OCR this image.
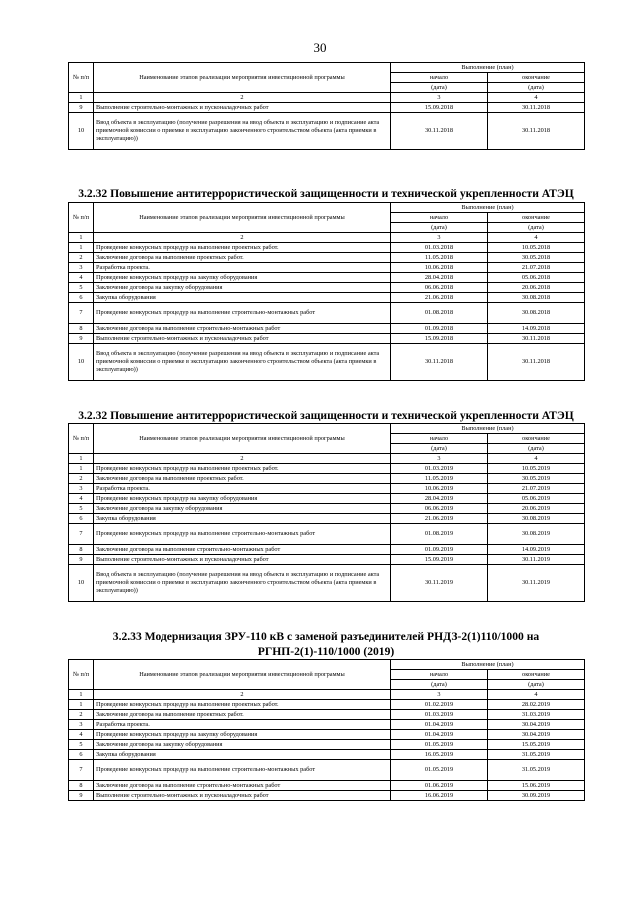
30
3.2.32 Повышение антитеррористической защищенности и технической укрепленности АТЭЦ
3.2.32 Повышение антитеррористической защищенности и технической укрепленности АТЭЦ
3.2.33 Модернизация ЗРУ-110 кВ с заменой разъединителей РНДЗ-2(1)110/1000 на РГНП-2(1)-110/1000 (2019)
№ п/п	Наименование этапов реализации мероприятия инвестиционной программы	Выполнение (план)	
		начало	окончание
		(дата)	(дата)
1	2	3	4
9	Выполнение строительно-монтажных и пусконаладочных работ	15.09.2018	30.11.2018
10	Ввод объекта в эксплуатацию (получение разрешения на ввод объекта в эксплуатацию и подписание акта приемочной комиссии о приемке в эксплуатацию законченного строительством объекта (акта приемки в эксплуатацию))	30.11.2018	30.11.2018
№ п/п	Наименование этапов реализации мероприятия инвестиционной программы	Выполнение (план)	
		начало	окончание
		(дата)	(дата)
1	2	3	4
1	Проведение конкурсных процедур на выполнение проектных работ.	01.03.2018	10.05.2018
2	Заключение договора на выполнение проектных работ.	11.05.2018	30.05.2018
3	Разработка проекта.	10.06.2018	21.07.2018
4	Проведение конкурсных процедур на закупку оборудования	28.04.2018	05.06.2018
5	Заключение договора на закупку оборудования	06.06.2018	20.06.2018
6	Закупка оборудования	21.06.2018	30.08.2018
7	Проведение конкурсных процедур на выполнение строительно-монтажных работ	01.08.2018	30.08.2018
8	Заключение договора на выполнение строительно-монтажных работ	01.09.2018	14.09.2018
9	Выполнение строительно-монтажных и пусконаладочных работ	15.09.2018	30.11.2018
10	Ввод объекта в эксплуатацию (получение разрешения на ввод объекта в эксплуатацию и подписание акта приемочной комиссии о приемке в эксплуатацию законченного строительством объекта (акта приемки в эксплуатацию))	30.11.2018	30.11.2018
№ п/п	Наименование этапов реализации мероприятия инвестиционной программы	Выполнение (план)	
		начало	окончание
		(дата)	(дата)
1	2	3	4
1	Проведение конкурсных процедур на выполнение проектных работ.	01.03.2019	10.05.2019
2	Заключение договора на выполнение проектных работ.	11.05.2019	30.05.2019
3	Разработка проекта.	10.06.2019	21.07.2019
4	Проведение конкурсных процедур на закупку оборудования	28.04.2019	05.06.2019
5	Заключение договора на закупку оборудования	06.06.2019	20.06.2019
6	Закупка оборудования	21.06.2019	30.08.2019
7	Проведение конкурсных процедур на выполнение строительно-монтажных работ	01.08.2019	30.08.2019
8	Заключение договора на выполнение строительно-монтажных работ	01.09.2019	14.09.2019
9	Выполнение строительно-монтажных и пусконаладочных работ	15.09.2019	30.11.2019
10	Ввод объекта в эксплуатацию (получение разрешения на ввод объекта в эксплуатацию и подписание акта приемочной комиссии о приемке в эксплуатацию законченного строительством объекта (акта приемки в эксплуатацию))	30.11.2019	30.11.2019
№ п/п	Наименование этапов реализации мероприятия инвестиционной программы	Выполнение (план)	
		начало	окончание
		(дата)	(дата)
1	2	3	4
1	Проведение конкурсных процедур на выполнение проектных работ.	01.02.2019	28.02.2019
2	Заключение договора на выполнение проектных работ.	01.03.2019	31.03.2019
3	Разработка проекта.	01.04.2019	30.04.2019
4	Проведение конкурсных процедур на закупку оборудования	01.04.2019	30.04.2019
5	Заключение договора на закупку оборудования	01.05.2019	15.05.2019
6	Закупка оборудования	16.05.2019	31.05.2019
7	Проведение конкурсных процедур на выполнение строительно-монтажных работ	01.05.2019	31.05.2019
8	Заключение договора на выполнение строительно-монтажных работ	01.06.2019	15.06.2019
9	Выполнение строительно-монтажных и пусконаладочных работ	16.06.2019	30.09.2019
